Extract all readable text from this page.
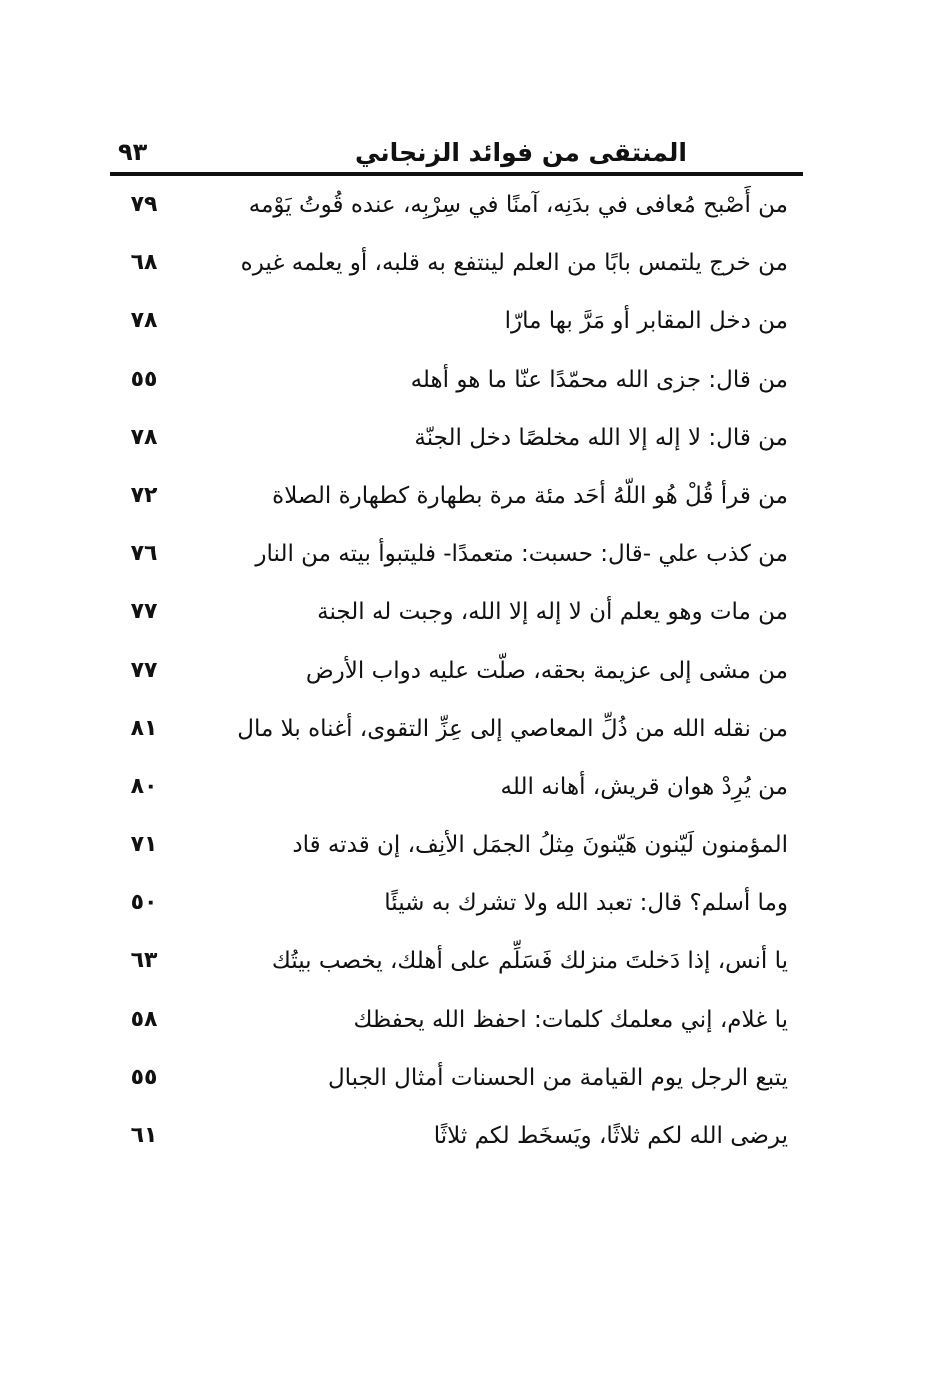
٩٣	المنتقى من فوائد الزنجاني
من أَصْبح مُعافى في بدَنِه، آمنًا في سِرْبِه، عنده قُوتُ يَوْمه
٧٩
من خرج يلتمس بابًا من العلم لينتفع به قلبه، أو يعلمه غيره
٦٨
من دخل المقابر أو مَرَّ بها مارّا
٧٨
من قال: جزى الله محمّدًا عنّا ما هو أهله
٥٥
من قال: لا إله إلا الله مخلصًا دخل الجنّة
٧٨
من قرأ قُلْ هُو اللّهُ أحَد مئة مرة بطهارة كطهارة الصلاة
٧٢
من كذب علي -قال: حسبت: متعمدًا- فليتبوأ بيته من النار
٧٦
من مات وهو يعلم أن لا إله إلا الله، وجبت له الجنة
٧٧
من مشى إلى عزيمة بحقه، صلّت عليه دواب الأرض
٧٧
من نقله الله من ذُلِّ المعاصي إلى عِزِّ التقوى، أغناه بلا مال
٨١
من يُرِدْ هوان قريش، أهانه الله
٨٠
المؤمنون لَيّنون هَيّنونَ مِثلُ الجمَل الأنِف، إن قدته قاد
٧١
وما أسلم؟ قال: تعبد الله ولا تشرك به شيئًا
٥٠
يا أنس، إذا دَخلتَ منزلك فَسَلِّم على أهلك، يخصب بيتُك
٦٣
يا غلام، إني معلمك كلمات: احفظ الله يحفظك
٥٨
يتبع الرجل يوم القيامة من الحسنات أمثال الجبال
٥٥
يرضى الله لكم ثلاثًا، ويَسخَط لكم ثلاثًا
٦١
